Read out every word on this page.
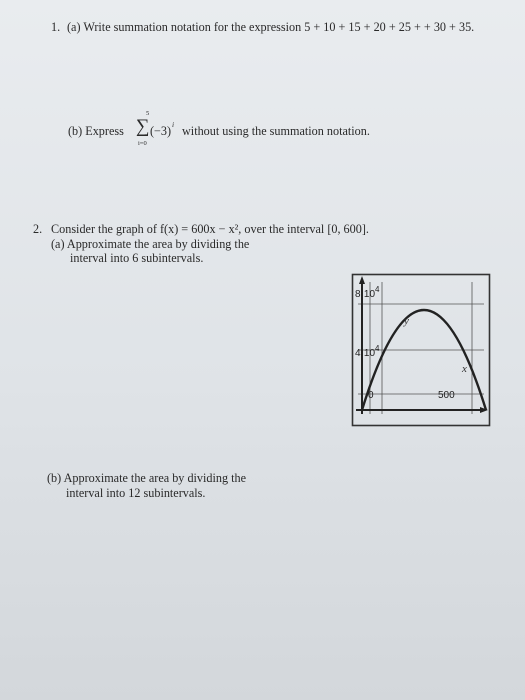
1. (a) Write summation notation for the expression 5 + 10 + 15 + 20 + 25 + + 30 + 35.
(b) Express
5
∑
i=0
(−3) i without using the summation notation.
2. Consider the graph of f(x) = 600x − x², over the interval [0, 600].
(a) Approximate the area by dividing the
interval into 6 subintervals.
(b) Approximate the area by dividing the
interval into 12 subintervals.
$8\cdot 10^4$
y
$4\cdot 10^4$
x
0	500
